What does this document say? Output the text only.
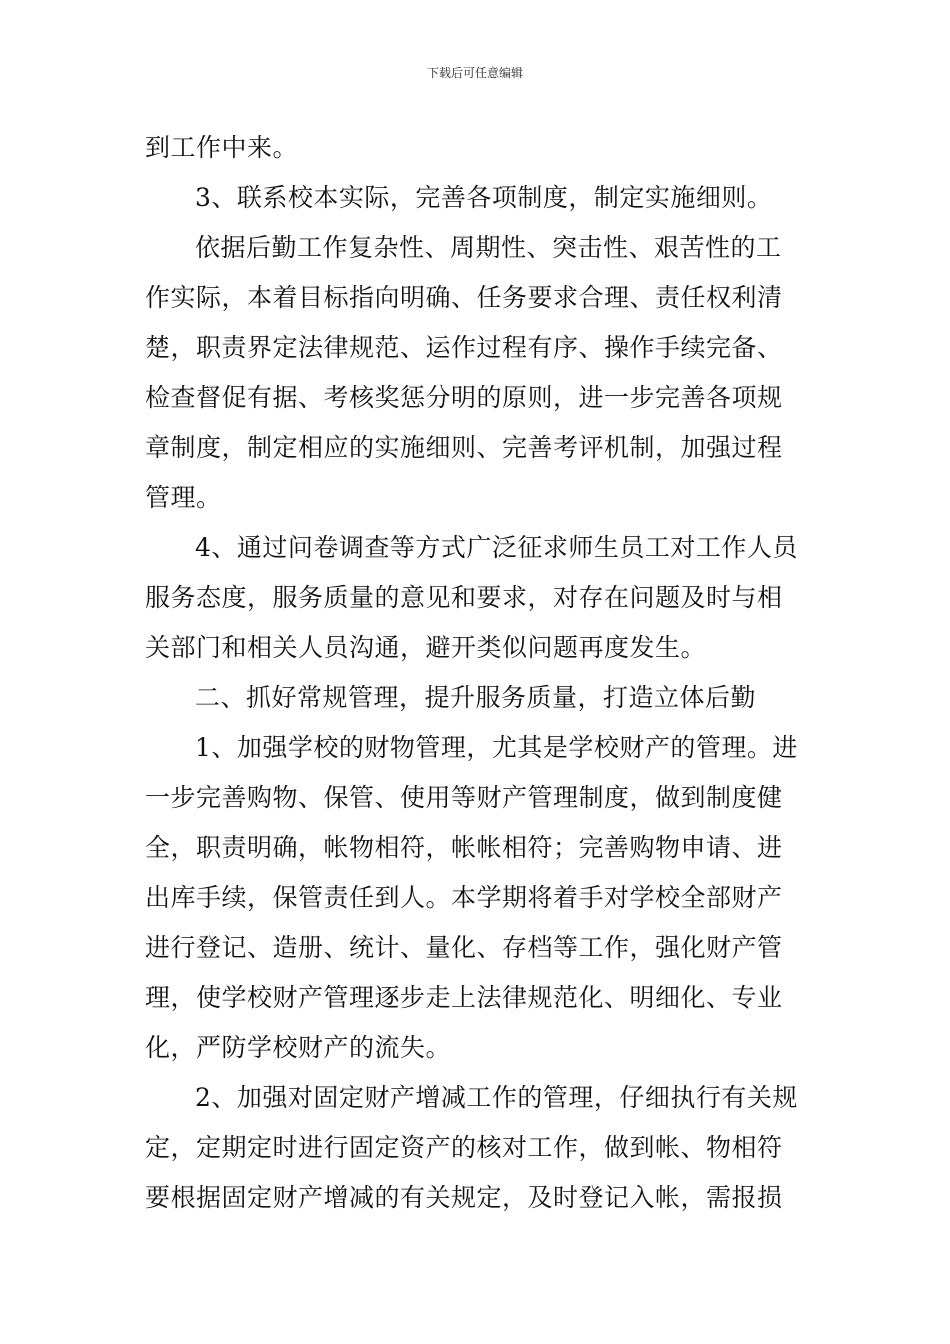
下载后可任意编辑
到工作中来。
3、联系校本实际，完善各项制度，制定实施细则。
依据后勤工作复杂性、周期性、突击性、艰苦性的工
作实际，本着目标指向明确、任务要求合理、责任权利清
楚，职责界定法律规范、运作过程有序、操作手续完备、
检查督促有据、考核奖惩分明的原则，进一步完善各项规
章制度，制定相应的实施细则、完善考评机制，加强过程
管理。
4、通过问卷调查等方式广泛征求师生员工对工作人员
服务态度，服务质量的意见和要求，对存在问题及时与相
关部门和相关人员沟通，避开类似问题再度发生。
二、抓好常规管理，提升服务质量，打造立体后勤
1、加强学校的财物管理，尤其是学校财产的管理。进
一步完善购物、保管、使用等财产管理制度，做到制度健
全，职责明确，帐物相符，帐帐相符；完善购物申请、进
出库手续，保管责任到人。本学期将着手对学校全部财产
进行登记、造册、统计、量化、存档等工作，强化财产管
理，使学校财产管理逐步走上法律规范化、明细化、专业
化，严防学校财产的流失。
2、加强对固定财产增减工作的管理，仔细执行有关规
定，定期定时进行固定资产的核对工作，做到帐、物相符
要根据固定财产增减的有关规定，及时登记入帐，需报损
